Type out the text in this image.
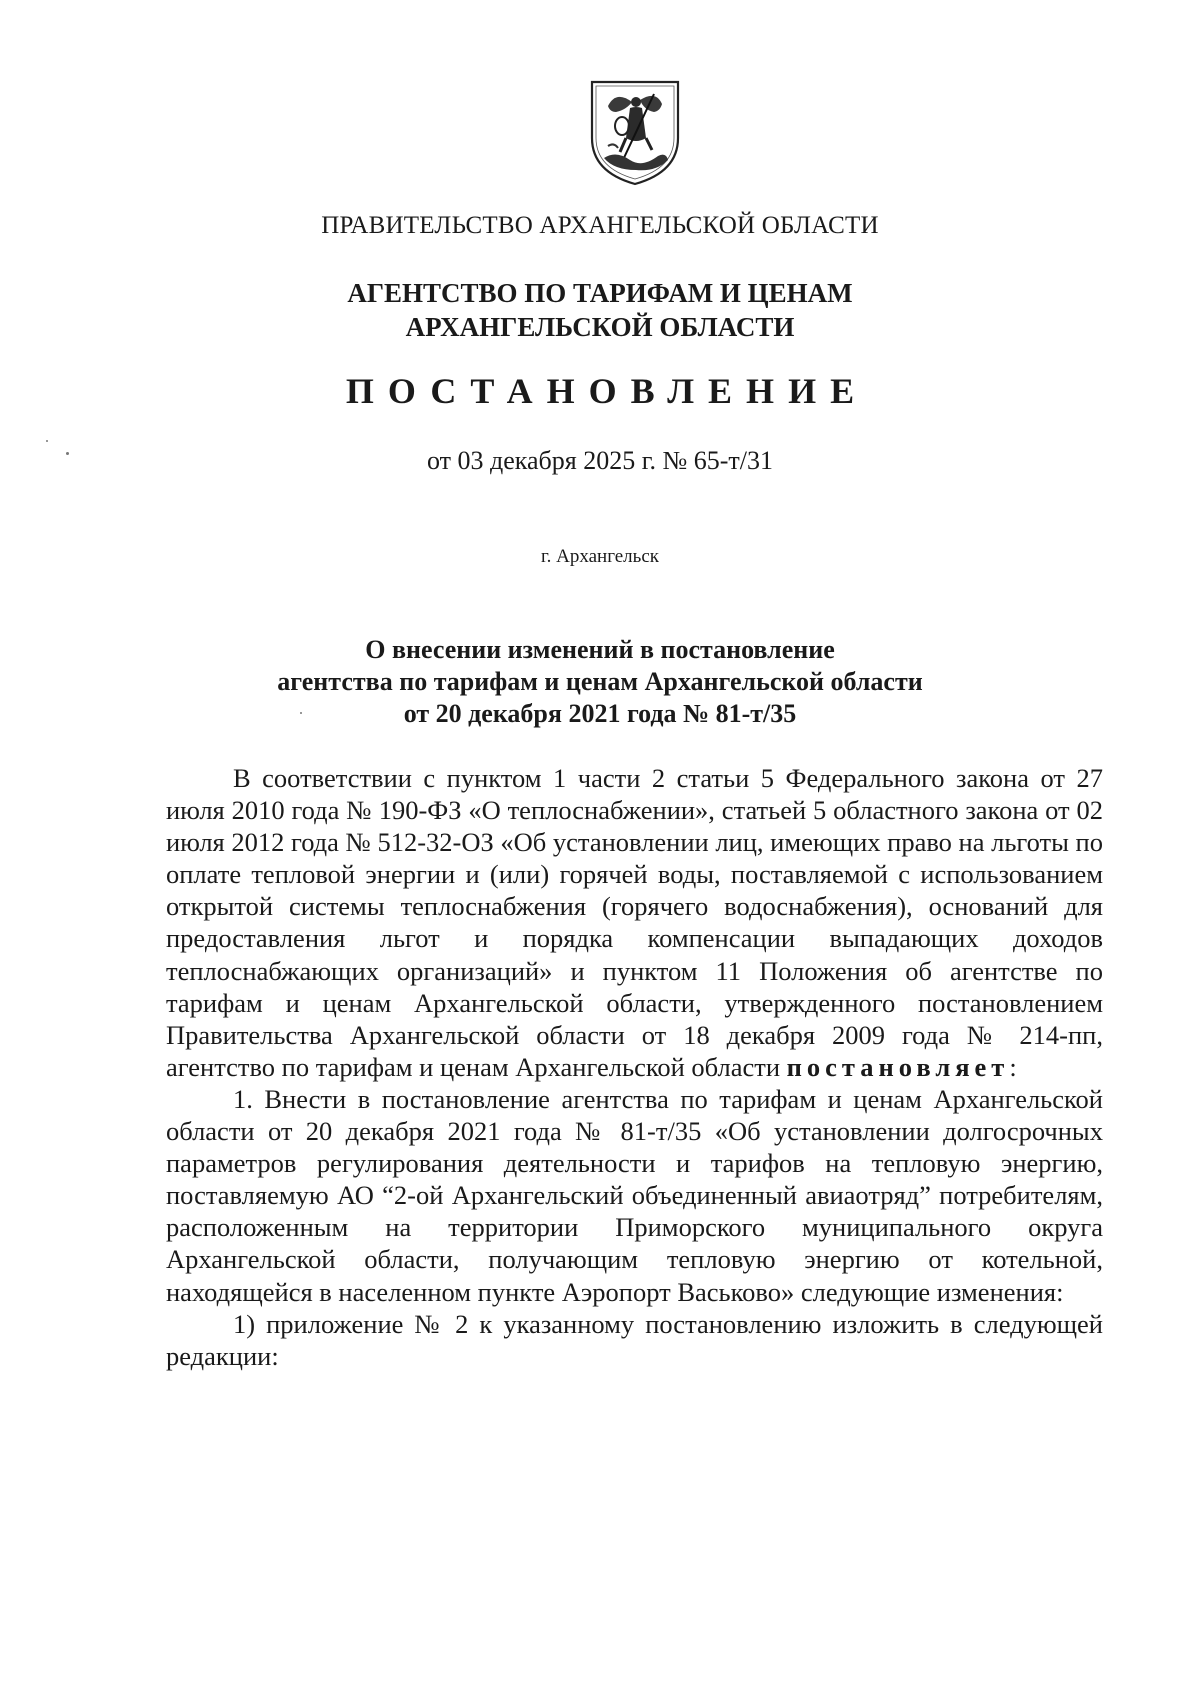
ПРАВИТЕЛЬСТВО АРХАНГЕЛЬСКОЙ ОБЛАСТИ
АГЕНТСТВО ПО ТАРИФАМ И ЦЕНАМ
АРХАНГЕЛЬСКОЙ ОБЛАСТИ
ПОСТАНОВЛЕНИЕ
от 03 декабря 2025 г. № 65-т/31
г. Архангельск
О внесении изменений в постановление
агентства по тарифам и ценам Архангельской области
от 20 декабря 2021 года № 81-т/35

В соответствии с пунктом 1 части 2 статьи 5 Федерального закона от 27 июля 2010 года № 190-ФЗ «О теплоснабжении», статьей 5 областного закона от 02 июля 2012 года № 512-32-ОЗ «Об установлении лиц, имеющих право на льготы по оплате тепловой энергии и (или) горячей воды, поставляемой с использованием открытой системы теплоснабжения (горячего водоснабжения), оснований для предоставления льгот и порядка компенсации выпадающих доходов теплоснабжающих организаций» и пунктом 11 Положения об агентстве по тарифам и ценам Архангельской области, утвержденного постановлением Правительства Архангельской области от 18 декабря 2009 года № 214-пп, агентство по тарифам и ценам Архангельской области постановляет:

1. Внести в постановление агентства по тарифам и ценам Архангельской области от 20 декабря 2021 года № 81-т/35 «Об установлении долгосрочных параметров регулирования деятельности и тарифов на тепловую энергию, поставляемую АО “2-ой Архангельский объединенный авиаотряд” потребителям, расположенным на территории Приморского муниципального округа Архангельской области, получающим тепловую энергию от котельной, находящейся в населенном пункте Аэропорт Васьково» следующие изменения:

1) приложение № 2 к указанному постановлению изложить в следующей редакции:
